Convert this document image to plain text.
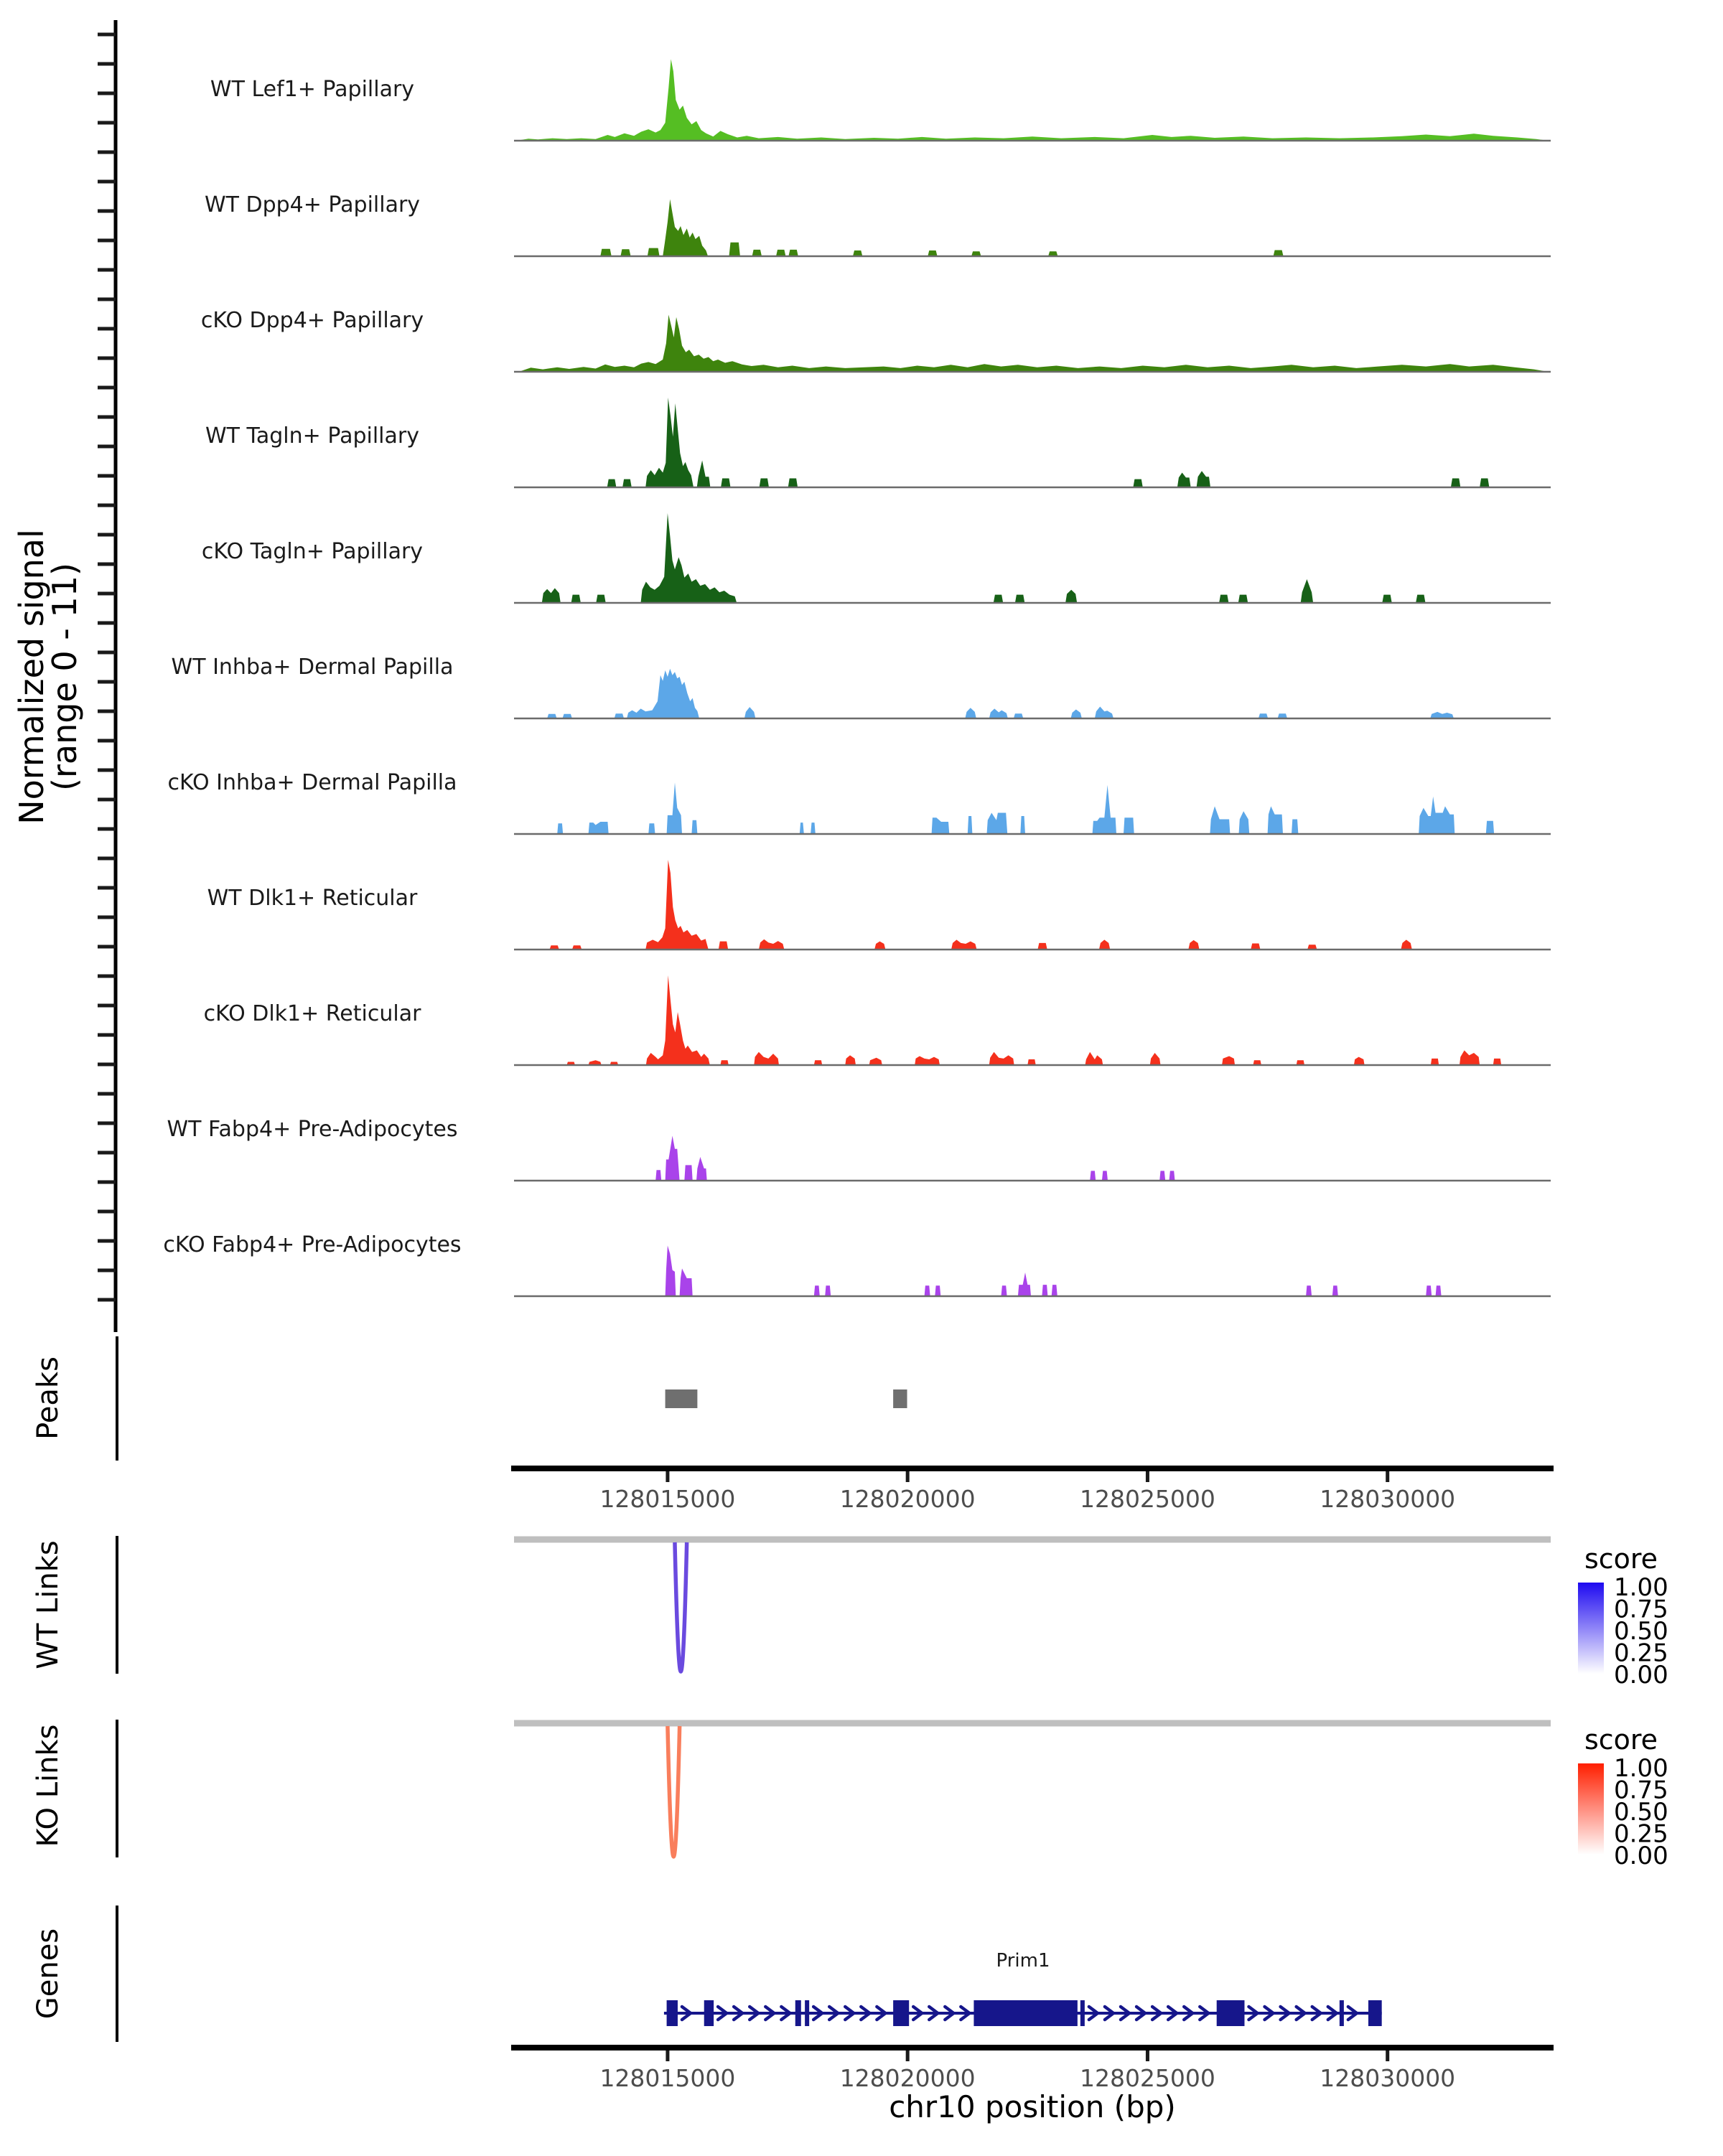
Normalized signal
(range 0 - 11)
Peaks
WT Links
KO Links
Genes
score
score
Prim1
chr10 position (bp)
WT Lef1+ Papillary
WT Dpp4+ Papillary
cKO Dpp4+ Papillary
WT Tagln+ Papillary
cKO Tagln+ Papillary
WT Inhba+ Dermal Papilla
cKO Inhba+ Dermal Papilla
WT Dlk1+ Reticular
cKO Dlk1+ Reticular
WT Fabp4+ Pre-Adipocytes
cKO Fabp4+ Pre-Adipocytes
128015000	128020000	128025000	128030000
1.00
0.75
0.50
0.25
0.00
1.00
0.75
0.50
0.25
0.00
128015000	128020000	128025000	128030000
